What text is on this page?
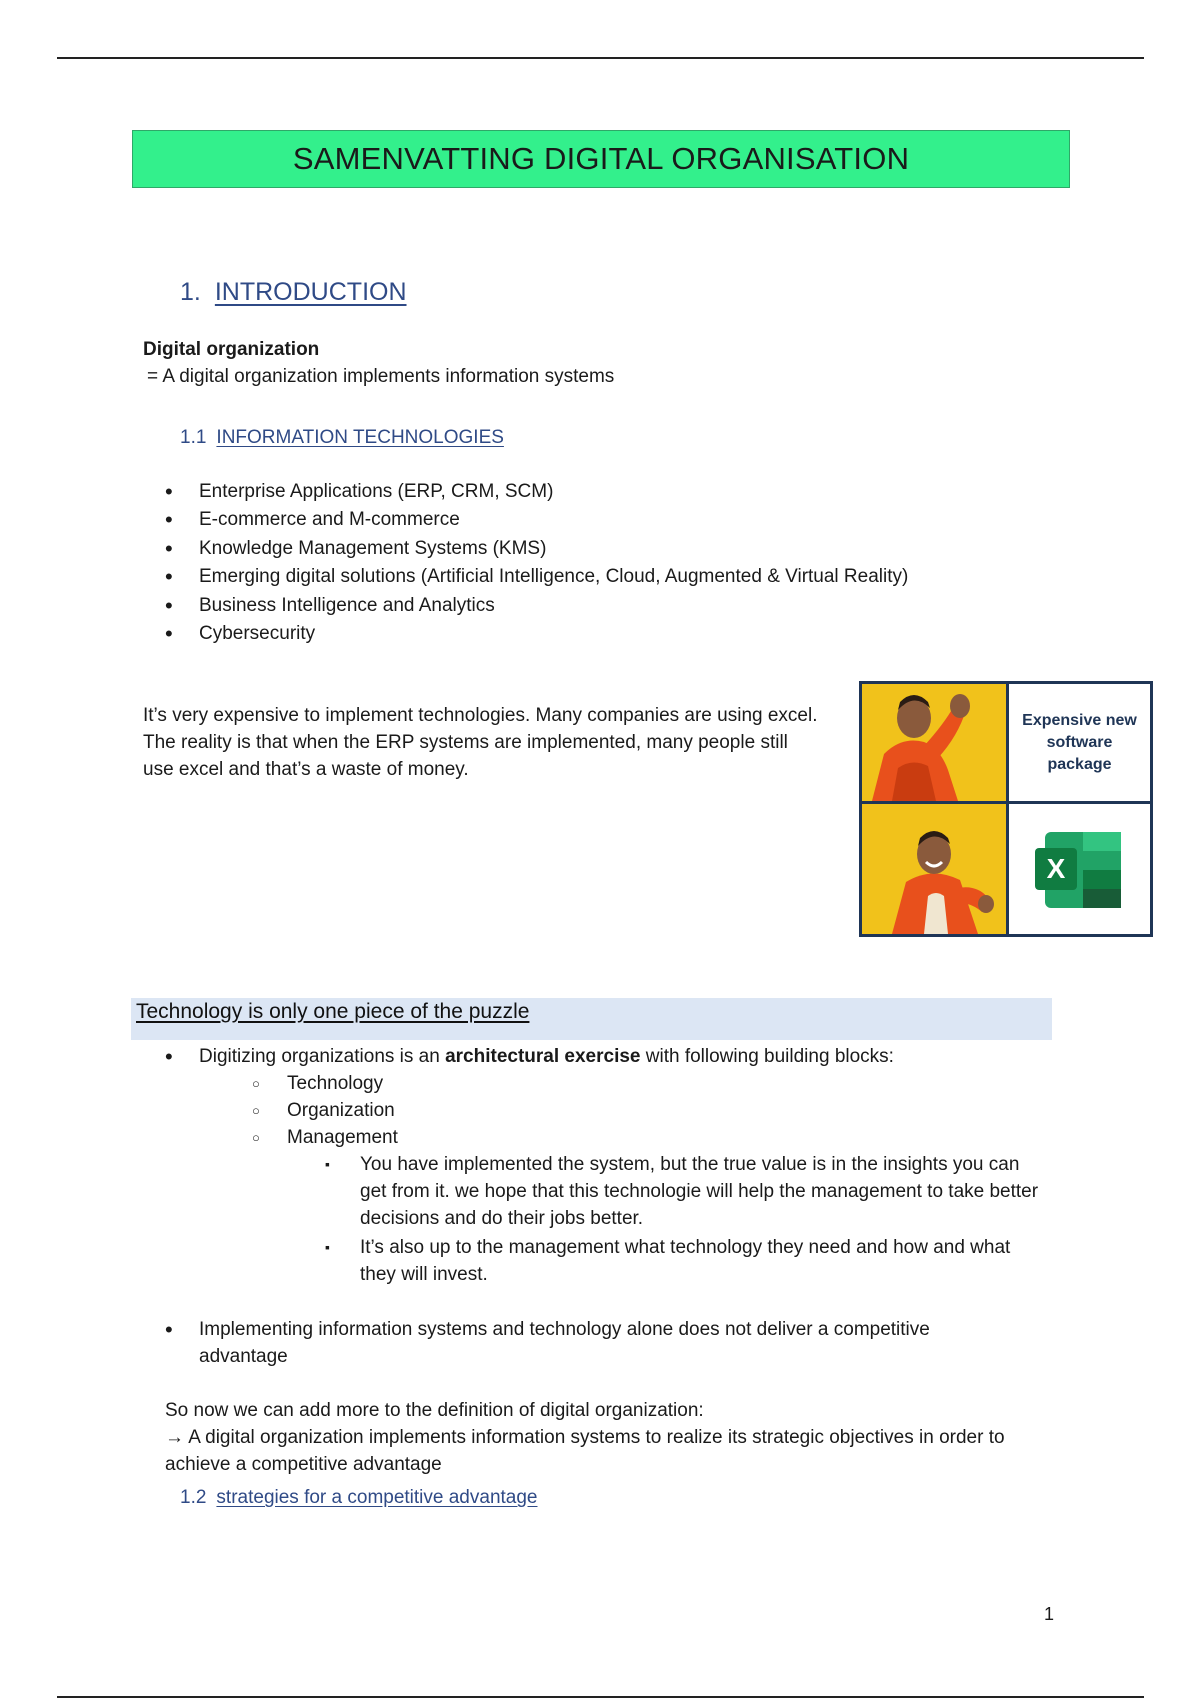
SAMENVATTING DIGITAL ORGANISATION
1. INTRODUCTION
Digital organization
= A digital organization implements information systems
1.1 INFORMATION TECHNOLOGIES
• Enterprise Applications (ERP, CRM, SCM)
• E-commerce and M-commerce
• Knowledge Management Systems (KMS)
• Emerging digital solutions (Artificial Intelligence, Cloud, Augmented & Virtual Reality)
• Business Intelligence and Analytics
• Cybersecurity
It’s very expensive to implement technologies. Many companies are using excel. The reality is that when the ERP systems are implemented, many people still use excel and that’s a waste of money.
Expensive new software package
X
Technology is only one piece of the puzzle
• Digitizing organizations is an architectural exercise with following building blocks:
○ Technology
○ Organization
○ Management
▪ You have implemented the system, but the true value is in the insights you can get from it. we hope that this technologie will help the management to take better decisions and do their jobs better.
▪ It’s also up to the management what technology they need and how and what they will invest.
• Implementing information systems and technology alone does not deliver a competitive advantage
So now we can add more to the definition of digital organization:
→ A digital organization implements information systems to realize its strategic objectives in order to achieve a competitive advantage
1.2 strategies for a competitive advantage
1
